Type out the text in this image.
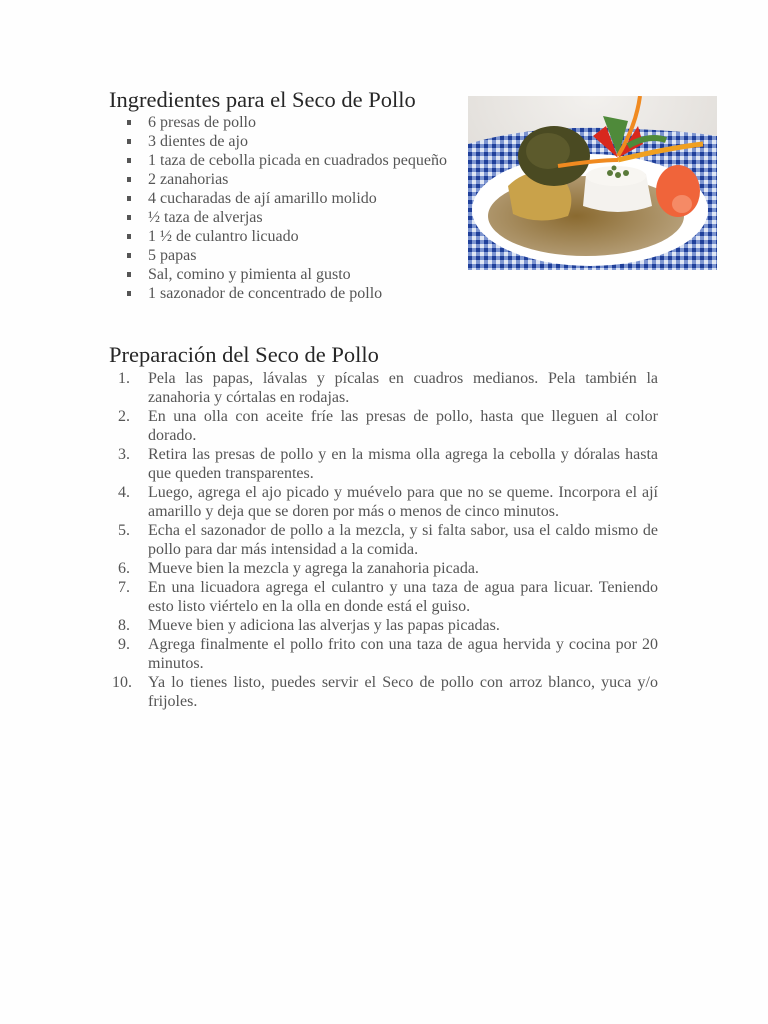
Ingredientes para el Seco de Pollo
6 presas de pollo
3 dientes de ajo
1 taza de cebolla picada en cuadrados pequeño
2 zanahorias
4 cucharadas de ají amarillo molido
½ taza de alverjas
1 ½ de culantro licuado
5 papas
Sal, comino y pimienta al gusto
1 sazonador de concentrado de pollo
Preparación del Seco de Pollo
1.	Pela las papas, lávalas y pícalas en cuadros medianos. Pela también la zanahoria y córtalas en rodajas.
2.	En una olla con aceite fríe las presas de pollo, hasta que lleguen al color dorado.
3.	Retira las presas de pollo y en la misma olla agrega la cebolla y dóralas hasta que queden transparentes.
4.	Luego, agrega el ajo picado y muévelo para que no se queme. Incorpora el ají amarillo y deja que se doren por más o menos de cinco minutos.
5.	Echa el sazonador de pollo a la mezcla, y si falta sabor, usa el caldo mismo de pollo para dar más intensidad a la comida.
6.	Mueve bien la mezcla y agrega la zanahoria picada.
7.	En una licuadora agrega el culantro y una taza de agua para licuar. Teniendo esto listo viértelo en la olla en donde está el guiso.
8.	Mueve bien y adiciona las alverjas y las papas picadas.
9.	Agrega finalmente el pollo frito con una taza de agua hervida y cocina por 20 minutos.
10.	Ya lo tienes listo, puedes servir el Seco de pollo con arroz blanco, yuca y/o frijoles.
